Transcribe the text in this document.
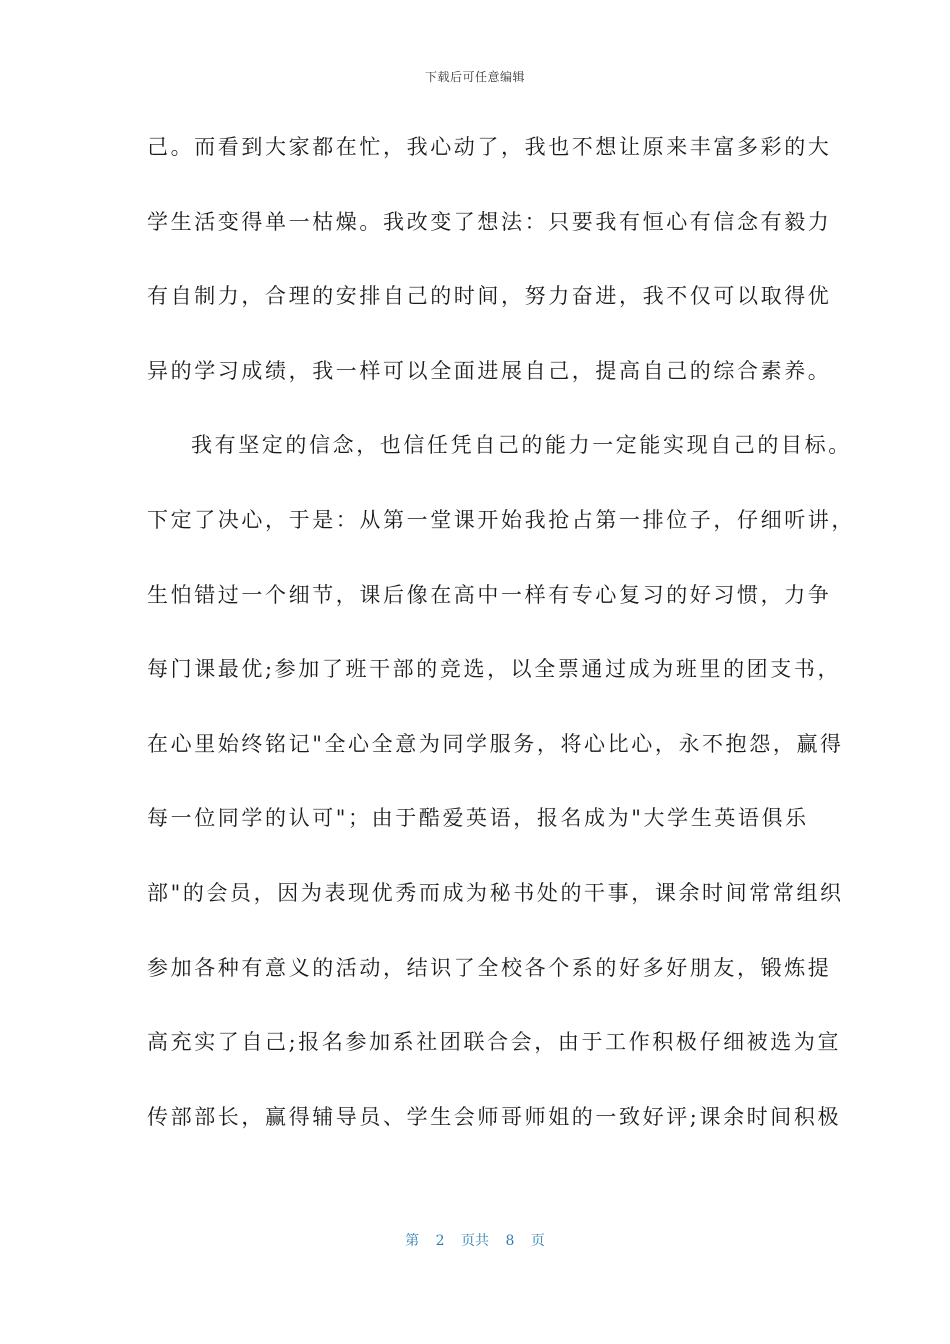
下载后可任意编辑
己。而看到大家都在忙，我心动了，我也不想让原来丰富多彩的大
学生活变得单一枯燥。我改变了想法：只要我有恒心有信念有毅力
有自制力，合理的安排自己的时间，努力奋进，我不仅可以取得优
异的学习成绩，我一样可以全面进展自己，提高自己的综合素养。
我有坚定的信念，也信任凭自己的能力一定能实现自己的目标。
下定了决心，于是：从第一堂课开始我抢占第一排位子，仔细听讲，
生怕错过一个细节，课后像在高中一样有专心复习的好习惯，力争
每门课最优;参加了班干部的竞选，以全票通过成为班里的团支书，
在心里始终铭记"全心全意为同学服务，将心比心，永不抱怨，赢得
每一位同学的认可"；由于酷爱英语，报名成为"大学生英语俱乐
部"的会员，因为表现优秀而成为秘书处的干事，课余时间常常组织
参加各种有意义的活动，结识了全校各个系的好多好朋友，锻炼提
高充实了自己;报名参加系社团联合会，由于工作积极仔细被选为宣
传部部长，赢得辅导员、学生会师哥师姐的一致好评;课余时间积极
第 2 页共 8 页
